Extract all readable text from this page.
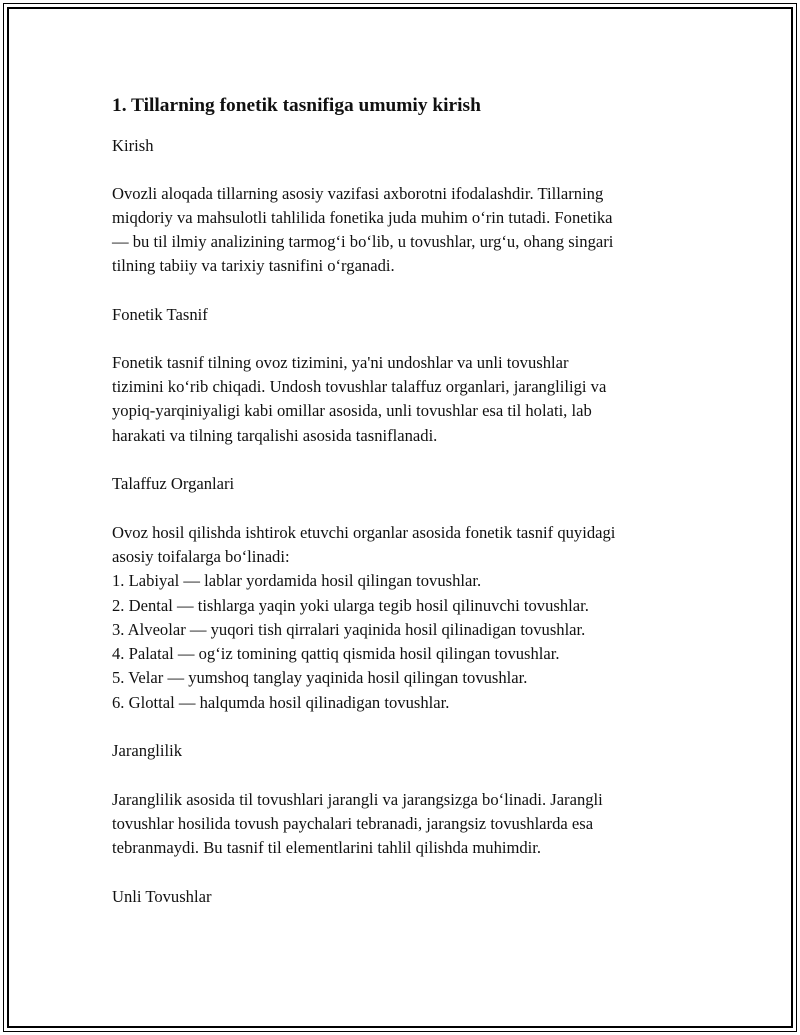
1. Tillarning fonetik tasnifiga umumiy kirish
Kirish
Ovozli aloqada tillarning asosiy vazifasi axborotni ifodalashdir. Tillarning
miqdoriy va mahsulotli tahlilida fonetika juda muhim o‘rin tutadi. Fonetika
— bu til ilmiy analizining tarmog‘i bo‘lib, u tovushlar, urg‘u, ohang singari
tilning tabiiy va tarixiy tasnifini o‘rganadi.
Fonetik Tasnif
Fonetik tasnif tilning ovoz tizimini, ya'ni undoshlar va unli tovushlar
tizimini ko‘rib chiqadi. Undosh tovushlar talaffuz organlari, jarangliligi va
yopiq-yarqiniyaligi kabi omillar asosida, unli tovushlar esa til holati, lab
harakati va tilning tarqalishi asosida tasniflanadi.
Talaffuz Organlari
Ovoz hosil qilishda ishtirok etuvchi organlar asosida fonetik tasnif quyidagi
asosiy toifalarga bo‘linadi:
1. Labiyal — lablar yordamida hosil qilingan tovushlar.
2. Dental — tishlarga yaqin yoki ularga tegib hosil qilinuvchi tovushlar.
3. Alveolar — yuqori tish qirralari yaqinida hosil qilinadigan tovushlar.
4. Palatal — og‘iz tomining qattiq qismida hosil qilingan tovushlar.
5. Velar — yumshoq tanglay yaqinida hosil qilingan tovushlar.
6. Glottal — halqumda hosil qilinadigan tovushlar.
Jaranglilik
Jaranglilik asosida til tovushlari jarangli va jarangsizga bo‘linadi. Jarangli
tovushlar hosilida tovush paychalari tebranadi, jarangsiz tovushlarda esa
tebranmaydi. Bu tasnif til elementlarini tahlil qilishda muhimdir.
Unli Tovushlar
